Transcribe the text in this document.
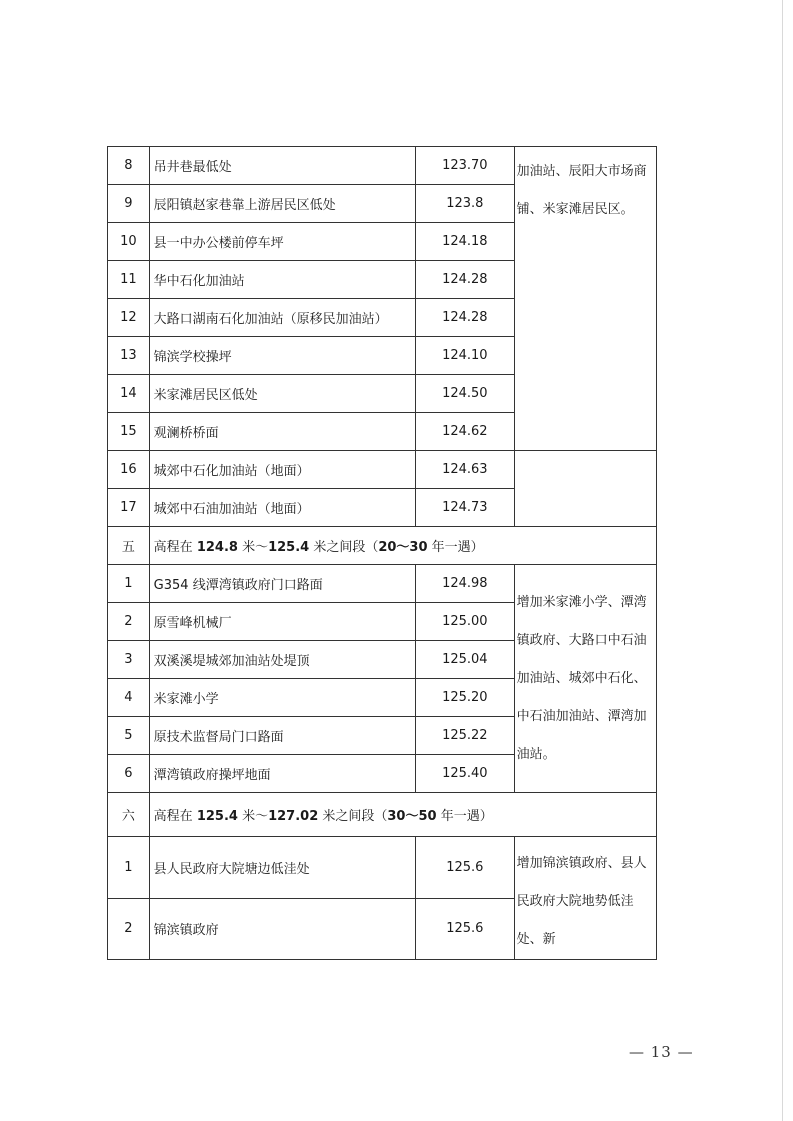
8	吊井巷最低处	123.70	加油站、辰阳大市场商铺、米家滩居民区。
9	辰阳镇赵家巷靠上游居民区低处	123.8	
10	县一中办公楼前停车坪	124.18	
11	华中石化加油站	124.28	
12	大路口湖南石化加油站（原移民加油站）	124.28	
13	锦滨学校操坪	124.10	
14	米家滩居民区低处	124.50	
15	观澜桥桥面	124.62	
16	城郊中石化加油站（地面）	124.63	
17	城郊中石油加油站（地面）	124.73	
五	高程在 124.8 米～125.4 米之间段（20～30 年一遇）		
1	G354 线潭湾镇政府门口路面	124.98	增加米家滩小学、潭湾镇政府、大路口中石油加油站、城郊中石化、中石油加油站、潭湾加油站。
2	原雪峰机械厂	125.00	
3	双溪溪堤城郊加油站处堤顶	125.04	
4	米家滩小学	125.20	
5	原技术监督局门口路面	125.22	
6	潭湾镇政府操坪地面	125.40	
六	高程在 125.4 米～127.02 米之间段（30～50 年一遇）		
1	县人民政府大院塘边低洼处	125.6	增加锦滨镇政府、县人民政府大院地势低洼处、新
2	锦滨镇政府	125.6	
— 13 —
